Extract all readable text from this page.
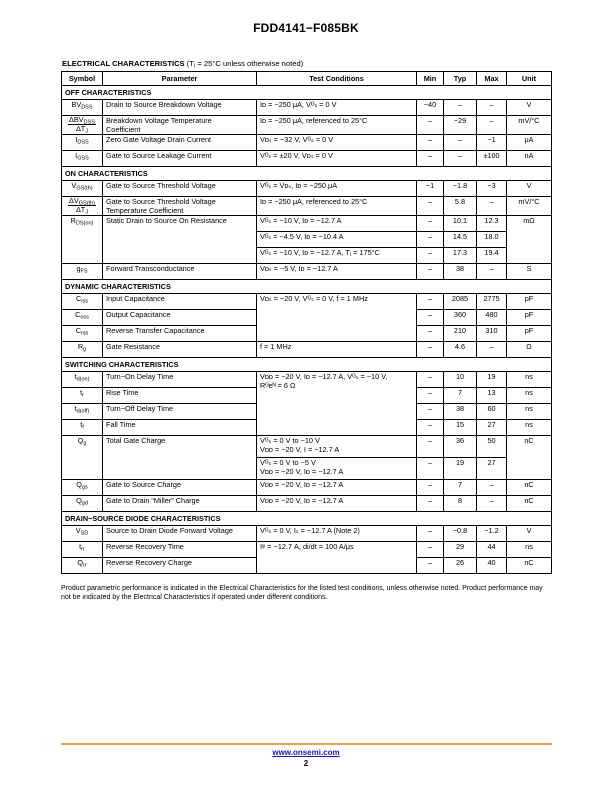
FDD4141−F085BK
ELECTRICAL CHARACTERISTICS (Tⱼ = 25°C unless otherwise noted)
Symbol	Parameter	Test Conditions	Min	Typ	Max	Unit
OFF CHARACTERISTICS						
$BV_{DSS}$	Drain to Source Breakdown Voltage	Iᴅ = −250 μA, Vᴳₛ = 0 V	−40	–	–	V

$\frac{\Delta BV_{DSS}}{\Delta T_J}$	Breakdown Voltage Temperature
Coefficient	Iᴅ = −250 μA, referenced to 25°C	–	−29	–	mV/°C
$I_{DSS}$	Zero Gate Voltage Drain Current	Vᴅₛ = −32 V, Vᴳₛ = 0 V	–	–	−1	μA
$I_{GSS}$	Gate to Source Leakage Current	Vᴳₛ = ±20 V, Vᴅₛ = 0 V	–	–	±100	nA
ON CHARACTERISTICS						
$V_{GS(th)}$	Gate to Source Threshold Voltage	Vᴳₛ = Vᴅₛ, Iᴅ = −250 μA	−1	−1.8	−3	V

$\frac{\Delta V_{GS(th)}}{\Delta T_J}$	Gate to Source Threshold Voltage
Temperature Coefficient	Iᴅ = −250 μA, referenced to 25°C	–	5.8	–	mV/°C
$R_{DS(on)}$	Static Drain to Source On Resistance	Vᴳₛ = −10 V, Iᴅ = −12.7 A	–	10.1	12.3	mΩ
		Vᴳₛ = −4.5 V, Iᴅ = −10.4 A	–	14.5	18.0	
		Vᴳₛ = −10 V, Iᴅ = −12.7 A, Tⱼ = 175°C	–	17.3	19.4	
$g_{FS}$	Forward Transconductance	Vᴅₛ = −5 V, Iᴅ = −12.7 A	–	38	–	S
DYNAMIC CHARACTERISTICS						
$C_{iss}$	Input Capacitance	Vᴅₛ = −20 V, Vᴳₛ = 0 V, f = 1 MHz	–	2085	2775	pF
$C_{oss}$	Output Capacitance		–	360	480	pF
$C_{rss}$	Reverse Transfer Capacitance		–	210	310	pF
$R_g$	Gate Resistance	f = 1 MHz	–	4.6	–	Ω
SWITCHING CHARACTERISTICS						
$t_{d(on)}$	Turn−On Delay Time	Vᴅᴅ = −20 V, Iᴅ = −12.7 A, Vᴳₛ = −10 V,
Rᴳᴇᴺ = 6 Ω	–	10	19	ns
$t_r$	Rise Time		–	7	13	ns
$t_{d(off)}$	Turn−Off Delay Time		–	38	60	ns
$t_f$	Fall Time		–	15	27	ns
$Q_g$	Total Gate Charge	Vᴳₛ = 0 V to −10 V
Vᴅᴅ = −20 V, I = −12.7 A	–	36	50	nC

		Vᴳₛ = 0 V to −5 V
Vᴅᴅ = −20 V, Iᴅ = −12.7 A	–	19	27	
$Q_{gs}$	Gate to Source Charge	Vᴅᴅ = −20 V, Iᴅ = −12.7 A	–	7	–	nC
$Q_{gd}$	Gate to Drain “Miller” Charge	Vᴅᴅ = −20 V, Iᴅ = −12.7 A	–	8	–	nC
DRAIN−SOURCE DIODE CHARACTERISTICS						
$V_{SD}$	Source to Drain Diode Forward Voltage	Vᴳₛ = 0 V, Iₛ = −12.7 A (Note 2)	–	−0.8	−1.2	V
$t_{rr}$	Reverse Recovery Time	Iᵠ = −12.7 A, di/dt = 100 A/μs	–	29	44	ns
$Q_{rr}$	Reverse Recovery Charge		–	26	40	nC
Product parametric performance is indicated in the Electrical Characteristics for the listed test conditions, unless otherwise noted. Product performance may not be indicated by the Electrical Characteristics if operated under different conditions.
www.onsemi.com
2
